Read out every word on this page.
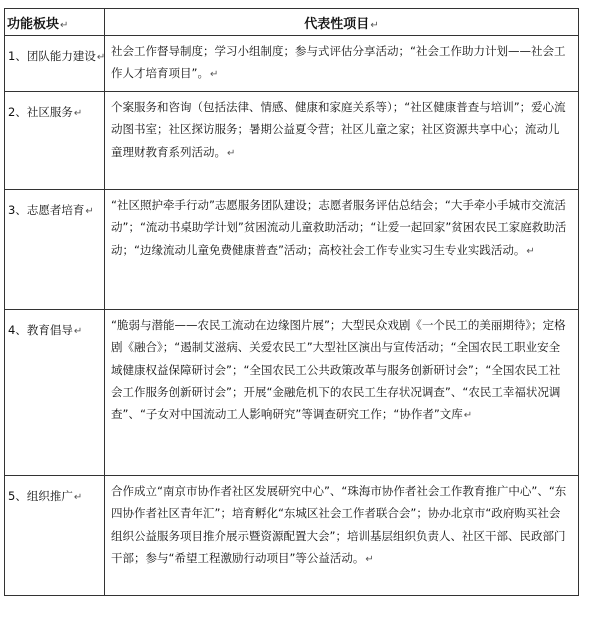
功能板块↵	代表性项目↵
1、团队能力建设↵	社会工作督导制度；学习小组制度；参与式评估分享活动；“社会工作助力计划——社会工作人才培育项目”。↵
2、社区服务↵	个案服务和咨询（包括法律、情感、健康和家庭关系等）；“社区健康普查与培训”；爱心流动图书室；社区探访服务；暑期公益夏令营；社区儿童之家；社区资源共享中心；流动儿童理财教育系列活动。↵
3、志愿者培育↵	“社区照护牵手行动”志愿服务团队建设；志愿者服务评估总结会；“大手牵小手城市交流活动”；“流动书桌助学计划”贫困流动儿童救助活动；“让爱一起回家”贫困农民工家庭救助活动；“边缘流动儿童免费健康普查”活动；高校社会工作专业实习生专业实践活动。↵
4、教育倡导↵	“脆弱与潜能——农民工流动在边缘图片展”；大型民众戏剧《一个民工的美丽期待》；定格剧《融合》；“遏制艾滋病、关爱农民工”大型社区演出与宣传活动；“全国农民工职业安全域健康权益保障研讨会”；“全国农民工公共政策改革与服务创新研讨会”；“全国农民工社会工作服务创新研讨会”；开展“金融危机下的农民工生存状况调查”、“农民工幸福状况调查”、“子女对中国流动工人影响研究”等调查研究工作；“协作者”文库↵
5、组织推广↵	合作成立“南京市协作者社区发展研究中心”、“珠海市协作者社会工作教育推广中心”、“东四协作者社区青年汇”；培育孵化“东城区社会工作者联合会”；协办北京市“政府购买社会组织公益服务项目推介展示暨资源配置大会”；培训基层组织负责人、社区干部、民政部门干部；参与“希望工程激励行动项目”等公益活动。↵
